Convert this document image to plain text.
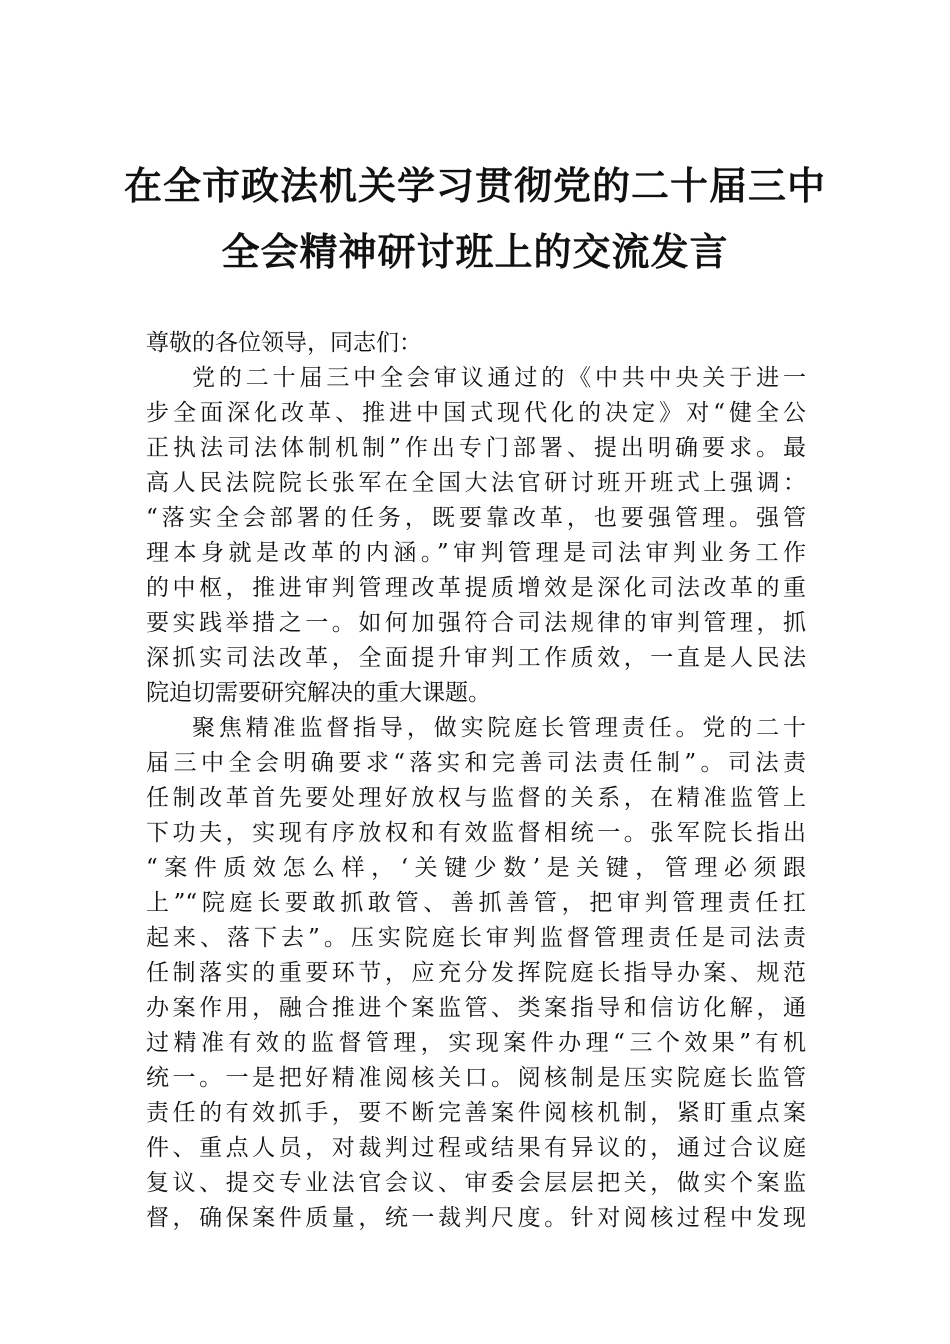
在全市政法机关学习贯彻党的二十届三中
全会精神研讨班上的交流发言
尊敬的各位领导，同志们：
党的二十届三中全会审议通过的《中共中央关于进一
步全面深化改革、推进中国式现代化的决定》对“健全公
正执法司法体制机制”作出专门部署、提出明确要求。最
高人民法院院长张军在全国大法官研讨班开班式上强调：
“落实全会部署的任务，既要靠改革，也要强管理。强管
理本身就是改革的内涵。”审判管理是司法审判业务工作
的中枢，推进审判管理改革提质增效是深化司法改革的重
要实践举措之一。如何加强符合司法规律的审判管理，抓
深抓实司法改革，全面提升审判工作质效，一直是人民法
院迫切需要研究解决的重大课题。
聚焦精准监督指导，做实院庭长管理责任。党的二十
届三中全会明确要求“落实和完善司法责任制”。司法责
任制改革首先要处理好放权与监督的关系，在精准监管上
下功夫，实现有序放权和有效监督相统一。张军院长指出
“案件质效怎么样，‘关键少数’是关键，管理必须跟
上”“院庭长要敢抓敢管、善抓善管，把审判管理责任扛
起来、落下去”。压实院庭长审判监督管理责任是司法责
任制落实的重要环节，应充分发挥院庭长指导办案、规范
办案作用，融合推进个案监管、类案指导和信访化解，通
过精准有效的监督管理，实现案件办理“三个效果”有机
统一。一是把好精准阅核关口。阅核制是压实院庭长监管
责任的有效抓手，要不断完善案件阅核机制，紧盯重点案
件、重点人员，对裁判过程或结果有异议的，通过合议庭
复议、提交专业法官会议、审委会层层把关，做实个案监
督，确保案件质量，统一裁判尺度。针对阅核过程中发现
